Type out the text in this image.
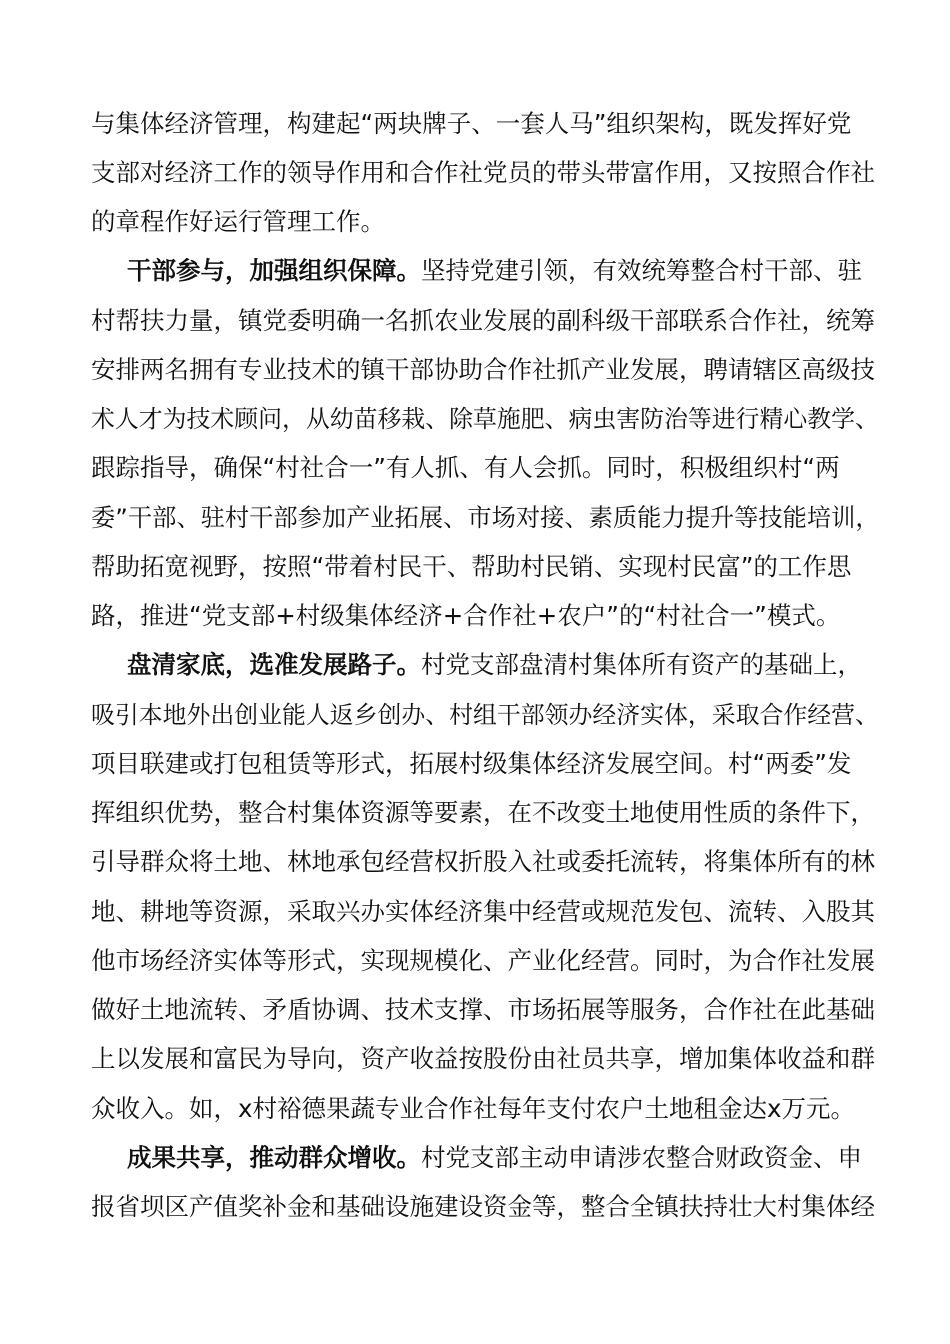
与集体经济管理，构建起“两块牌子、一套人马”组织架构，既发挥好党
支部对经济工作的领导作用和合作社党员的带头带富作用，又按照合作社
的章程作好运行管理工作。
干部参与，加强组织保障。坚持党建引领，有效统筹整合村干部、驻
村帮扶力量，镇党委明确一名抓农业发展的副科级干部联系合作社，统筹
安排两名拥有专业技术的镇干部协助合作社抓产业发展，聘请辖区高级技
术人才为技术顾问，从幼苗移栽、除草施肥、病虫害防治等进行精心教学、
跟踪指导，确保“村社合一”有人抓、有人会抓。同时，积极组织村“两
委”干部、驻村干部参加产业拓展、市场对接、素质能力提升等技能培训，
帮助拓宽视野，按照“带着村民干、帮助村民销、实现村民富”的工作思
路，推进“党支部+村级集体经济+合作社+农户”的“村社合一”模式。
盘清家底，选准发展路子。村党支部盘清村集体所有资产的基础上，
吸引本地外出创业能人返乡创办、村组干部领办经济实体，采取合作经营、
项目联建或打包租赁等形式，拓展村级集体经济发展空间。村“两委”发
挥组织优势，整合村集体资源等要素，在不改变土地使用性质的条件下，
引导群众将土地、林地承包经营权折股入社或委托流转，将集体所有的林
地、耕地等资源，采取兴办实体经济集中经营或规范发包、流转、入股其
他市场经济实体等形式，实现规模化、产业化经营。同时，为合作社发展
做好土地流转、矛盾协调、技术支撑、市场拓展等服务，合作社在此基础
上以发展和富民为导向，资产收益按股份由社员共享，增加集体收益和群
众收入。如，x村裕德果蔬专业合作社每年支付农户土地租金达x万元。
成果共享，推动群众增收。村党支部主动申请涉农整合财政资金、申
报省坝区产值奖补金和基础设施建设资金等，整合全镇扶持壮大村集体经
